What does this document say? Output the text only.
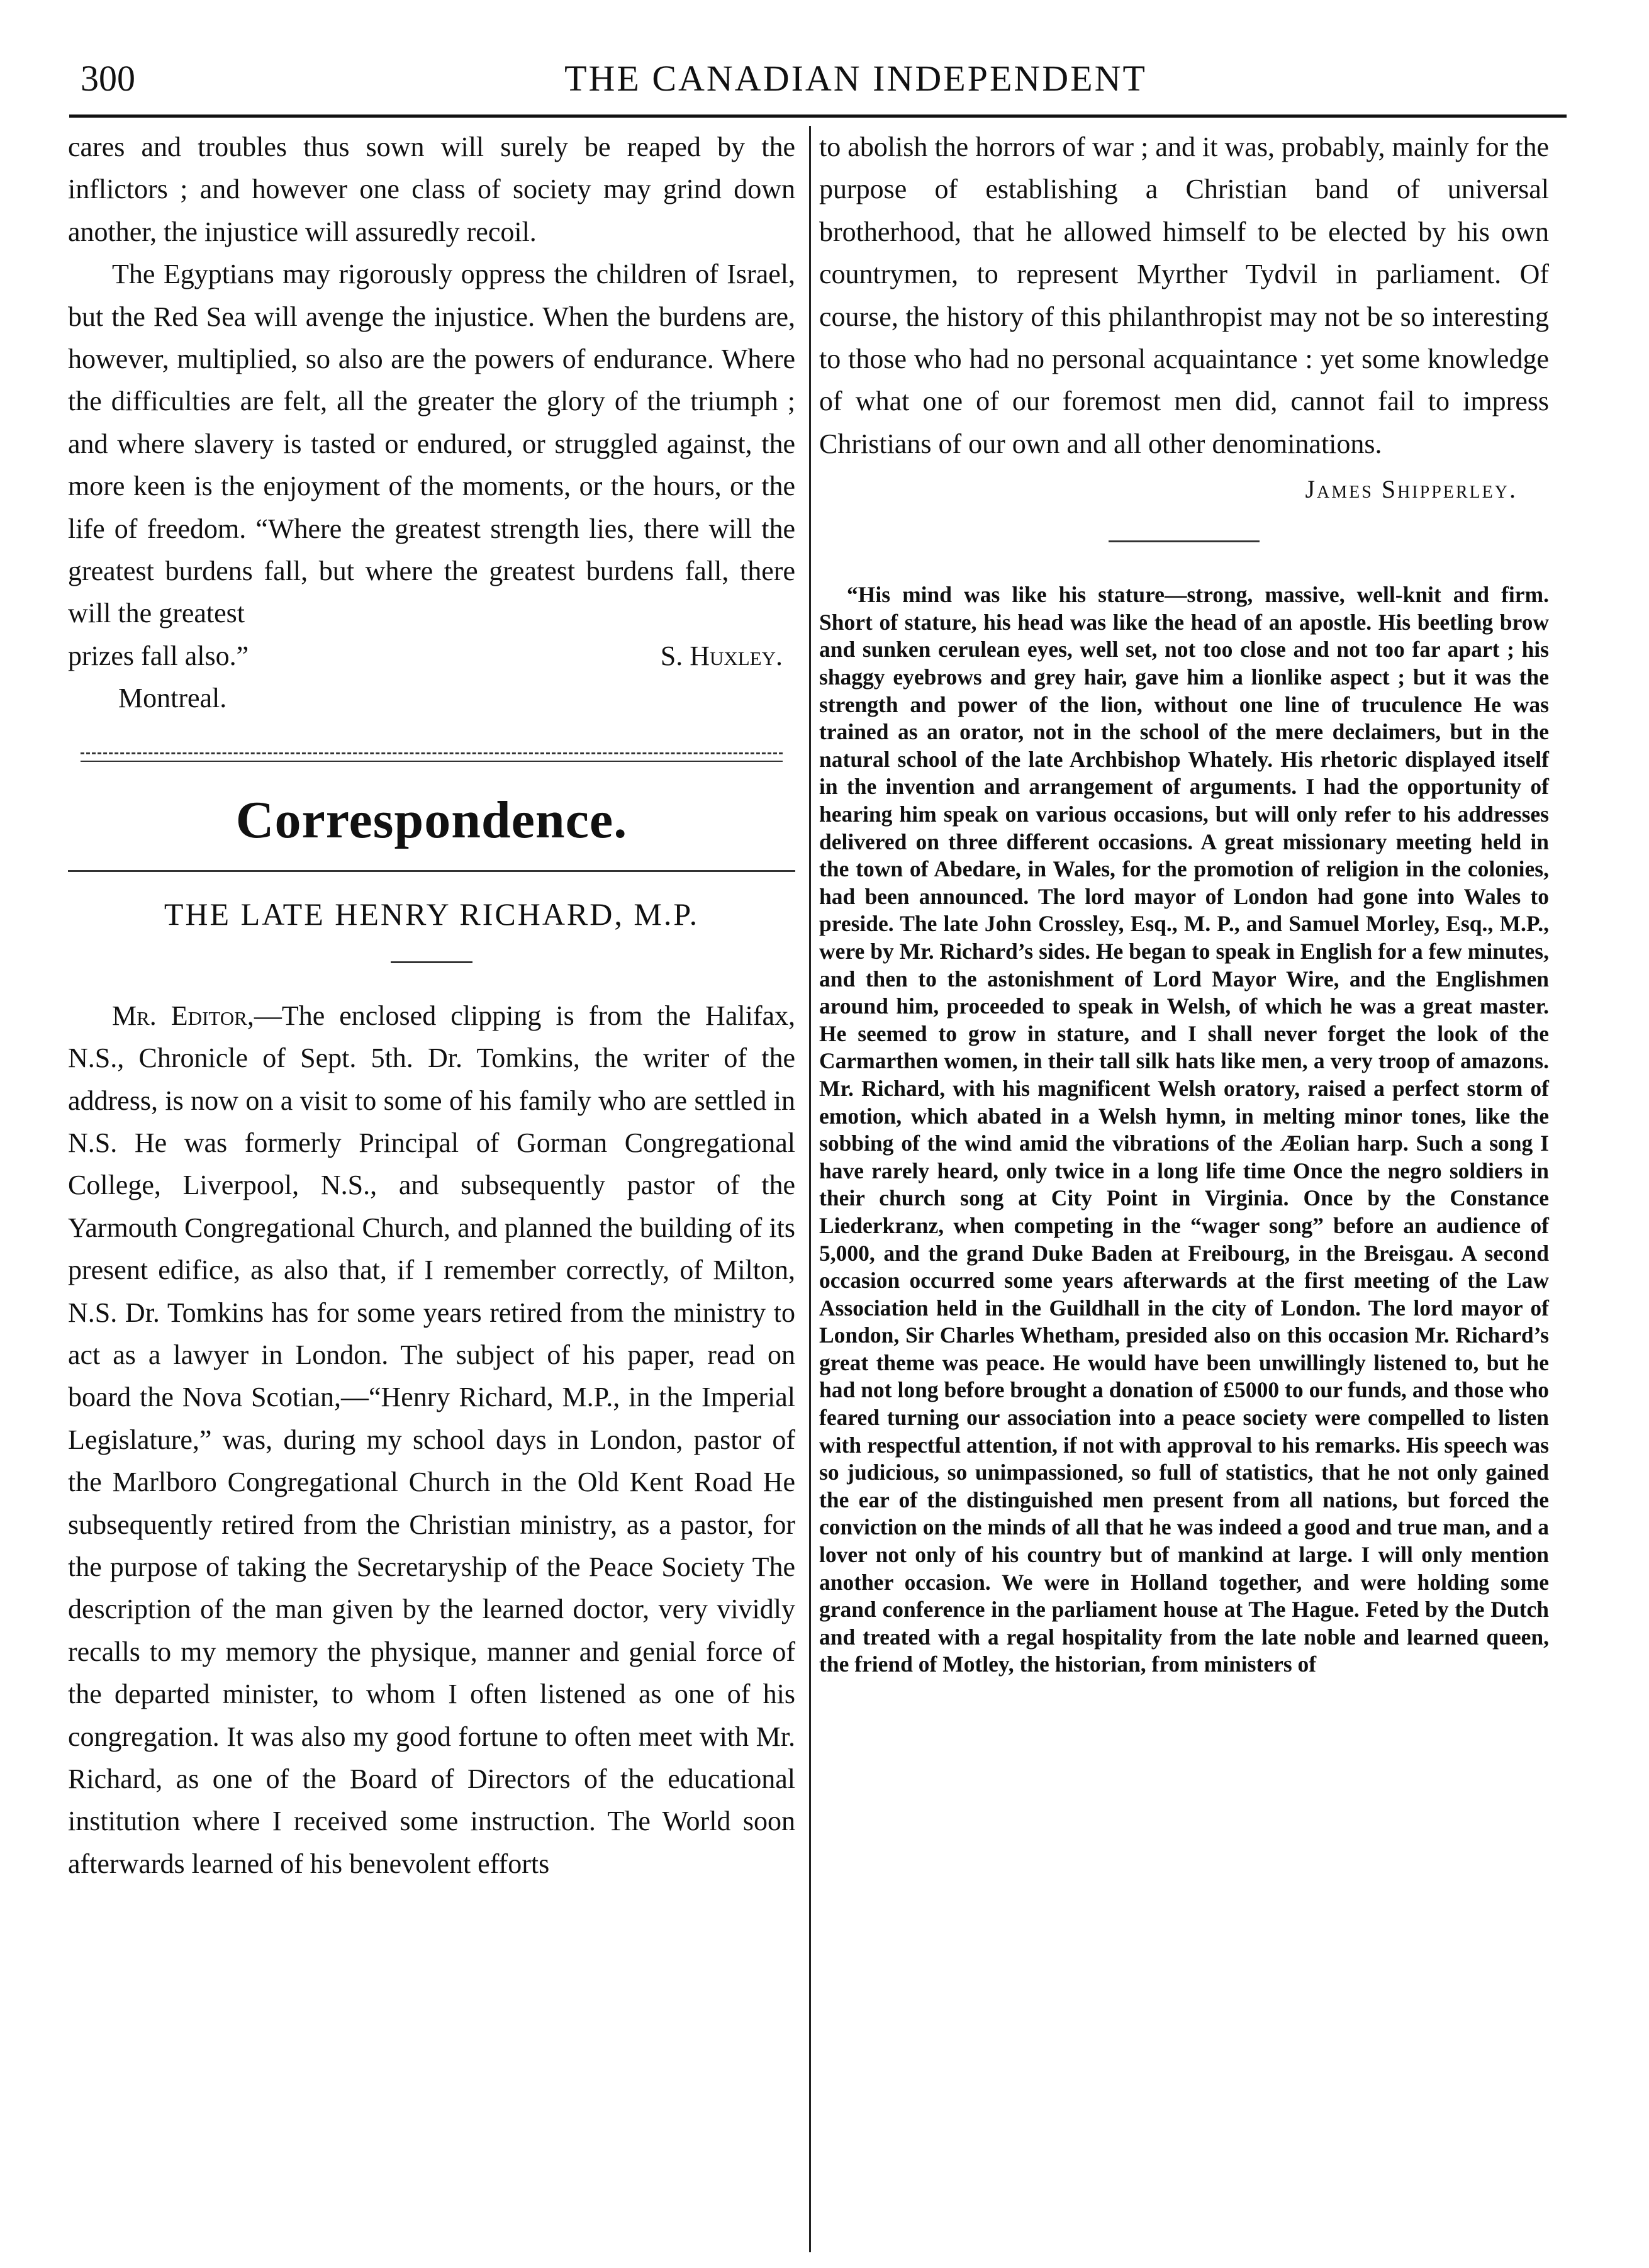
300	THE CANADIAN INDEPENDENT

cares and troubles thus sown will surely be reaped by the inflictors ; and however one class of society may grind down another, the injustice will assuredly recoil.

The Egyptians may rigorously oppress the children of Israel, but the Red Sea will avenge the injustice. When the burdens are, however, multiplied, so also are the powers of endurance. Where the difficulties are felt, all the greater the glory of the triumph ; and where slavery is tasted or endured, or struggled against, the more keen is the enjoyment of the moments, or the hours, or the life of freedom. “Where the greatest strength lies, there will the greatest burdens fall, but where the greatest burdens fall, there will the greatest

prizes fall also.”	S. Huxley.

Montreal.

Correspondence.
THE LATE HENRY RICHARD, M.P.

Mr. Editor,—The enclosed clipping is from the Halifax, N.S., Chronicle of Sept. 5th. Dr. Tomkins, the writer of the address, is now on a visit to some of his family who are settled in N.S. He was formerly Principal of Gorman Congregational College, Liverpool, N.S., and subsequently pastor of the Yarmouth Congregational Church, and planned the building of its present edifice, as also that, if I remember correctly, of Milton, N.S. Dr. Tomkins has for some years retired from the ministry to act as a lawyer in London. The subject of his paper, read on board the Nova Scotian,—“Henry Richard, M.P., in the Imperial Legislature,” was, during my school days in London, pastor of the Marlboro Congregational Church in the Old Kent Road He subsequently retired from the Christian ministry, as a pastor, for the purpose of taking the Secretaryship of the Peace Society The description of the man given by the learned doctor, very vividly recalls to my memory the physique, manner and genial force of the departed minister, to whom I often listened as one of his congregation. It was also my good fortune to often meet with Mr. Richard, as one of the Board of Directors of the educational institution where I received some instruction. The World soon afterwards learned of his benevolent efforts

to abolish the horrors of war ; and it was, probably, mainly for the purpose of establishing a Christian band of universal brotherhood, that he allowed himself to be elected by his own countrymen, to represent Myrther Tydvil in parliament. Of course, the history of this philanthropist may not be so interesting to those who had no personal acquaintance : yet some knowledge of what one of our foremost men did, cannot fail to impress Christians of our own and all other denominations.

James Shipperley.

“His mind was like his stature—strong, massive, well-knit and firm. Short of stature, his head was like the head of an apostle. His beetling brow and sunken cerulean eyes, well set, not too close and not too far apart ; his shaggy eyebrows and grey hair, gave him a lionlike aspect ; but it was the strength and power of the lion, without one line of truculence He was trained as an orator, not in the school of the mere declaimers, but in the natural school of the late Archbishop Whately. His rhetoric displayed itself in the invention and arrangement of arguments. I had the opportunity of hearing him speak on various occasions, but will only refer to his addresses delivered on three different occasions. A great missionary meeting held in the town of Abedare, in Wales, for the promotion of religion in the colonies, had been announced. The lord mayor of London had gone into Wales to preside. The late John Crossley, Esq., M. P., and Samuel Morley, Esq., M.P., were by Mr. Richard’s sides. He began to speak in English for a few minutes, and then to the astonishment of Lord Mayor Wire, and the Englishmen around him, proceeded to speak in Welsh, of which he was a great master. He seemed to grow in stature, and I shall never forget the look of the Carmarthen women, in their tall silk hats like men, a very troop of amazons. Mr. Richard, with his magnificent Welsh oratory, raised a perfect storm of emotion, which abated in a Welsh hymn, in melting minor tones, like the sobbing of the wind amid the vibrations of the Æolian harp. Such a song I have rarely heard, only twice in a long life time Once the negro soldiers in their church song at City Point in Virginia. Once by the Constance Liederkranz, when competing in the “wager song” before an audience of 5,000, and the grand Duke Baden at Freibourg, in the Breisgau. A second occasion occurred some years afterwards at the first meeting of the Law Association held in the Guildhall in the city of London. The lord mayor of London, Sir Charles Whetham, presided also on this occasion Mr. Richard’s great theme was peace. He would have been unwillingly listened to, but he had not long before brought a donation of £5000 to our funds, and those who feared turning our association into a peace society were compelled to listen with respectful attention, if not with approval to his remarks. His speech was so judicious, so unimpassioned, so full of statistics, that he not only gained the ear of the distinguished men present from all nations, but forced the conviction on the minds of all that he was indeed a good and true man, and a lover not only of his country but of mankind at large. I will only mention another occasion. We were in Holland together, and were holding some grand conference in the parliament house at The Hague. Feted by the Dutch and treated with a regal hospitality from the late noble and learned queen, the friend of Motley, the historian, from ministers of
